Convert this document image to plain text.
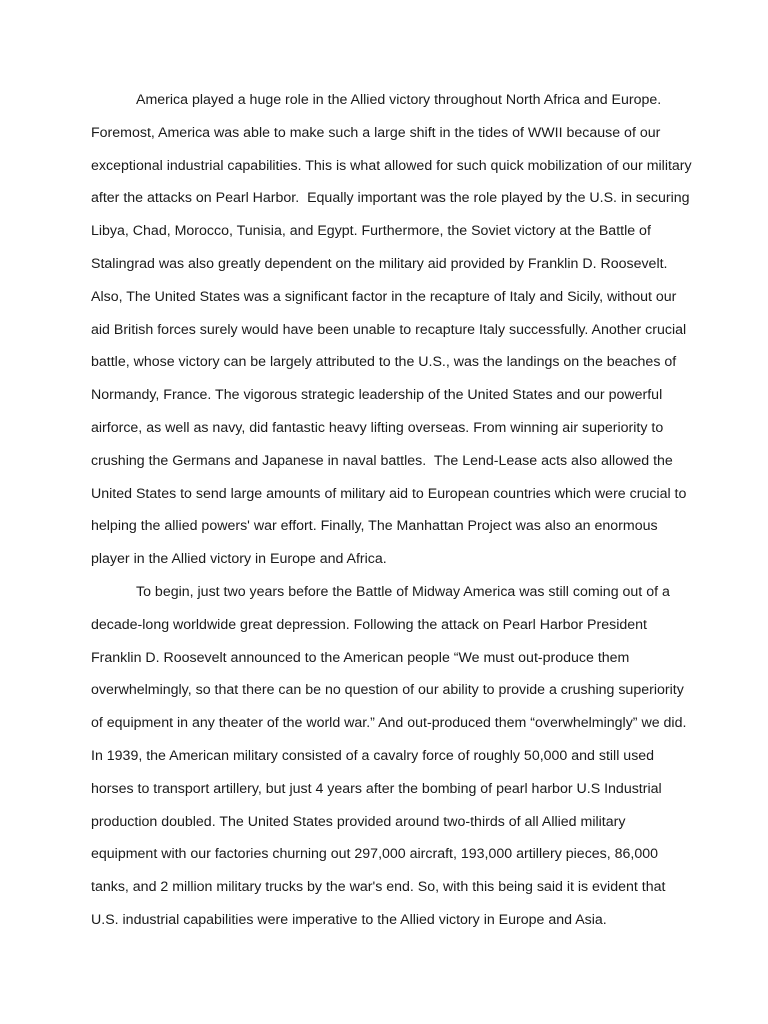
America played a huge role in the Allied victory throughout North Africa and Europe.
Foremost, America was able to make such a large shift in the tides of WWII because of our
exceptional industrial capabilities. This is what allowed for such quick mobilization of our military
after the attacks on Pearl Harbor.  Equally important was the role played by the U.S. in securing
Libya, Chad, Morocco, Tunisia, and Egypt. Furthermore, the Soviet victory at the Battle of
Stalingrad was also greatly dependent on the military aid provided by Franklin D. Roosevelt.
Also, The United States was a significant factor in the recapture of Italy and Sicily, without our
aid British forces surely would have been unable to recapture Italy successfully. Another crucial
battle, whose victory can be largely attributed to the U.S., was the landings on the beaches of
Normandy, France. The vigorous strategic leadership of the United States and our powerful
airforce, as well as navy, did fantastic heavy lifting overseas. From winning air superiority to
crushing the Germans and Japanese in naval battles.  The Lend-Lease acts also allowed the
United States to send large amounts of military aid to European countries which were crucial to
helping the allied powers' war effort. Finally, The Manhattan Project was also an enormous
player in the Allied victory in Europe and Africa.
To begin, just two years before the Battle of Midway America was still coming out of a
decade-long worldwide great depression. Following the attack on Pearl Harbor President
Franklin D. Roosevelt announced to the American people “We must out-produce them
overwhelmingly, so that there can be no question of our ability to provide a crushing superiority
of equipment in any theater of the world war.” And out-produced them “overwhelmingly” we did.
In 1939, the American military consisted of a cavalry force of roughly 50,000 and still used
horses to transport artillery, but just 4 years after the bombing of pearl harbor U.S Industrial
production doubled. The United States provided around two-thirds of all Allied military
equipment with our factories churning out 297,000 aircraft, 193,000 artillery pieces, 86,000
tanks, and 2 million military trucks by the war's end. So, with this being said it is evident that
U.S. industrial capabilities were imperative to the Allied victory in Europe and Asia.
